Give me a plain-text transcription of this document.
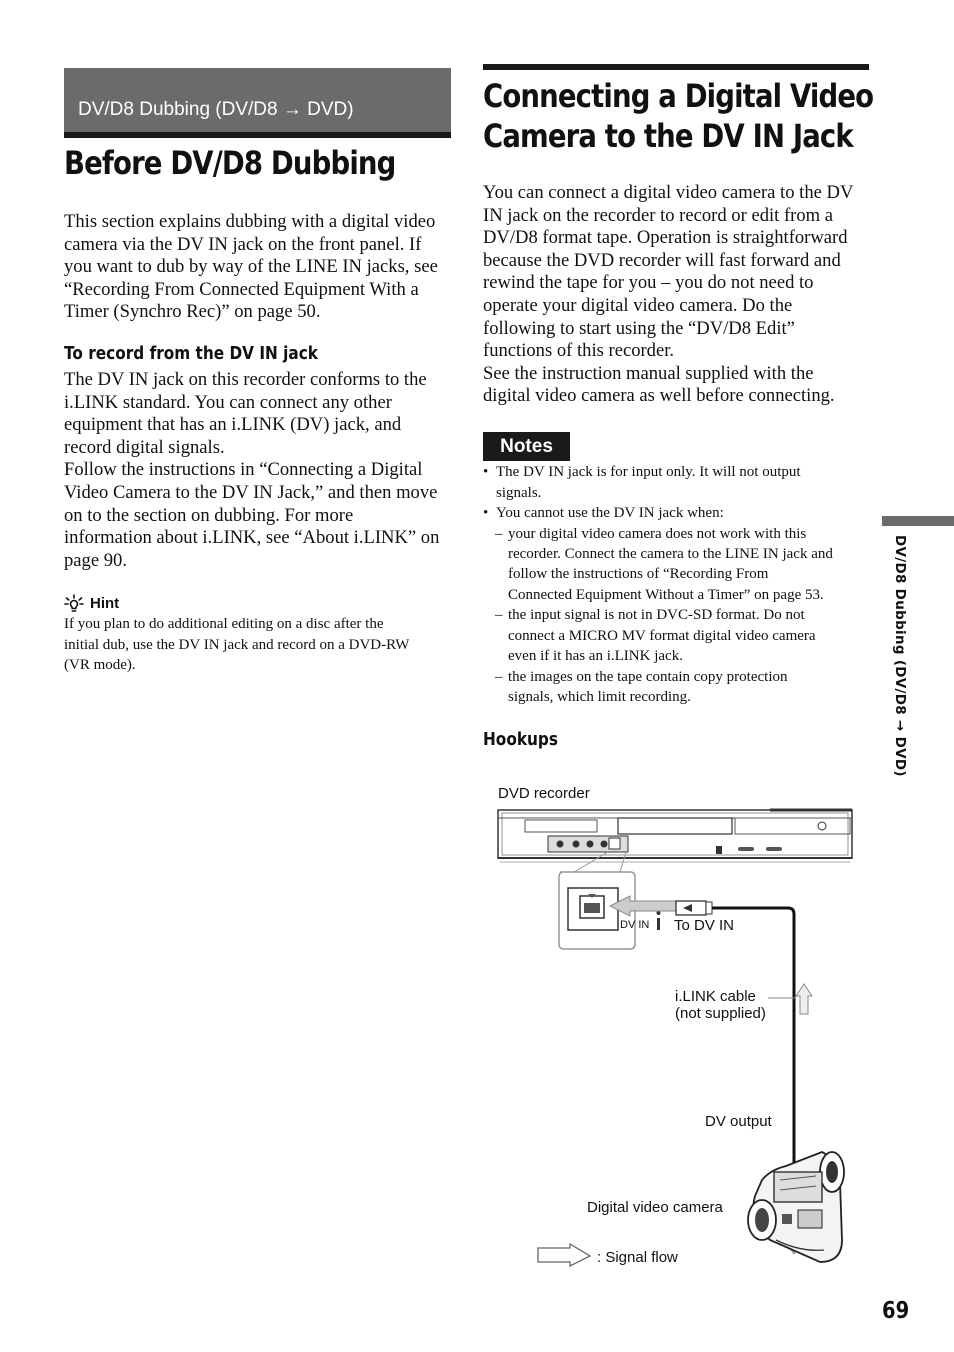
DV/D8 Dubbing (DV/D8 → DVD)
Before DV/D8 Dubbing
This section explains dubbing with a digital video
camera via the DV IN jack on the front panel. If
you want to dub by way of the LINE IN jacks, see
“Recording From Connected Equipment With a
Timer (Synchro Rec)” on page 50.
To record from the DV IN jack
The DV IN jack on this recorder conforms to the
i.LINK standard. You can connect any other
equipment that has an i.LINK (DV) jack, and
record digital signals.
Follow the instructions in “Connecting a Digital
Video Camera to the DV IN Jack,” and then move
on to the section on dubbing. For more
information about i.LINK, see “About i.LINK” on
page 90.
Hint
If you plan to do additional editing on a disc after the
initial dub, use the DV IN jack and record on a DVD-RW
(VR mode).
Connecting a Digital Video
Camera to the DV IN Jack
You can connect a digital video camera to the DV
IN jack on the recorder to record or edit from a
DV/D8 format tape. Operation is straightforward
because the DVD recorder will fast forward and
rewind the tape for you – you do not need to
operate your digital video camera. Do the
following to start using the “DV/D8 Edit”
functions of this recorder.
See the instruction manual supplied with the
digital video camera as well before connecting.
Notes
• The DV IN jack is for input only. It will not output
signals.
• You cannot use the DV IN jack when:
– your digital video camera does not work with this
recorder. Connect the camera to the LINE IN jack and
follow the instructions of “Recording From
Connected Equipment Without a Timer” on page 53.
– the input signal is not in DVC-SD format. Do not
connect a MICRO MV format digital video camera
even if it has an i.LINK jack.
– the images on the tape contain copy protection
signals, which limit recording.
Hookups
DVD recorder
DV IN To DV IN
i.LINK cable
(not supplied)
DV output
Digital video camera
: Signal flow
DV/D8 Dubbing (DV/D8 → DVD)
69
